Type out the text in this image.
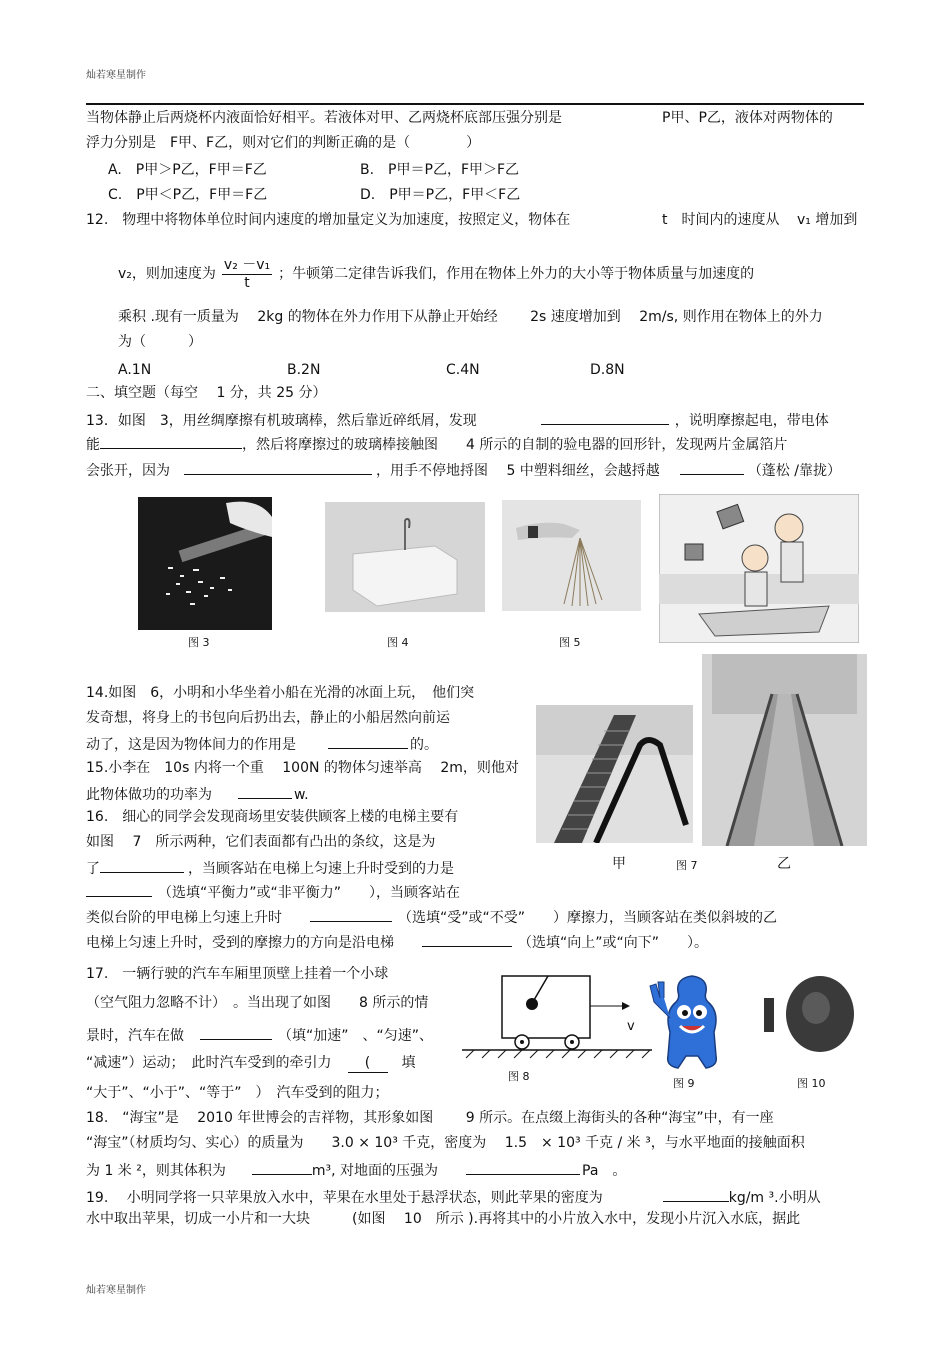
灿若寒星制作
当物体静止后两烧杯内液面恰好相平。若液体对甲、乙两烧杯底部压强分别是	P甲、P乙，液体对两物体的
浮力分别是　F甲、F乙，则对它们的判断正确的是（　　　　）
A.　P甲＞P乙，F甲＝F乙	B.　P甲＝P乙，F甲＞F乙
C.　P甲＜P乙，F甲＝F乙	D.　P甲＝P乙，F甲＜F乙
12.　物理中将物体单位时间内速度的增加量定义为加速度，按照定义，物体在	t　时间内的速度从 v₁ 增加到
v₂，则加速度为 $\frac{\text{v₂ －v₁}}{t}$ ；牛顿第二定律告诉我们，作用在物体上外力的大小等于物体质量与加速度的
乘积 .现有一质量为　 2kg 的物体在外力作用下从静止开始经　　 2s 速度增加到　 2m/s, 则作用在物体上的外力
为（　　　）
A.1N	B.2N	C.4N	D.8N
二、填空题（每空　 1 分，共 25 分）
13．如图　3，用丝绸摩擦有机玻璃棒，然后靠近碎纸屑，发现	，说明摩擦起电，带电体
能	，然后将摩擦过的玻璃棒接触图　　4 所示的自制的验电器的回形针，发现两片金属箔片
会张开，因为	，用手不停地捋图　 5 中塑料细丝，会越捋越	（蓬松 /靠拢）
图 3	图 4	图 5
14.如图　6，小明和小华坐着小船在光滑的冰面上玩，　他们突
发奇想，将身上的书包向后扔出去，静止的小船居然向前运
动了，这是因为物体间力的作用是	的。
15.小李在　10s 内将一个重　 100N 的物体匀速举高　 2m，则他对
此物体做功的功率为	w.
甲	图 7	乙
16.　细心的同学会发现商场里安装供顾客上楼的电梯主要有
如图　 7　所示两种，它们表面都有凸出的条纹，这是为
了	，当顾客站在电梯上匀速上升时受到的力是
（选填“平衡力”或“非平衡力”　　），当顾客站在
类似台阶的甲电梯上匀速上升时	（选填“受”或“不受”　　）摩擦力，当顾客站在类似斜坡的乙
电梯上匀速上升时，受到的摩擦力的方向是沿电梯	（选填“向上”或“向下”　　）。
17.　一辆行驶的汽车车厢里顶壁上挂着一个小球
（空气阻力忽略不计）　。当出现了如图　　8 所示的情
景时，汽车在做	（填“加速”　、“匀速”、
“减速”）运动；　此时汽车受到的牵引力 ( 填
“大于”、“小于”、“等于”　）　汽车受到的阻力；
v
图 8
图 9	图 10
18.　“海宝”是　 2010 年世博会的吉祥物，其形象如图　　 9 所示。在点缀上海街头的各种“海宝”中，有一座
“海宝”（材质均匀、实心）的质量为　　3.0 × 10³ 千克，密度为　 1.5　× 10³ 千克 / 米 ³，与水平地面的接触面积
为 1 米 ²，则其体积为	m³, 对地面的压强为	Pa　。
19.　 小明同学将一只苹果放入水中，苹果在水里处于悬浮状态，则此苹果的密度为	kg/m ³.小明从
水中取出苹果，切成一小片和一大块　　　(如图　 10　所示 ).再将其中的小片放入水中，发现小片沉入水底，据此
灿若寒星制作
